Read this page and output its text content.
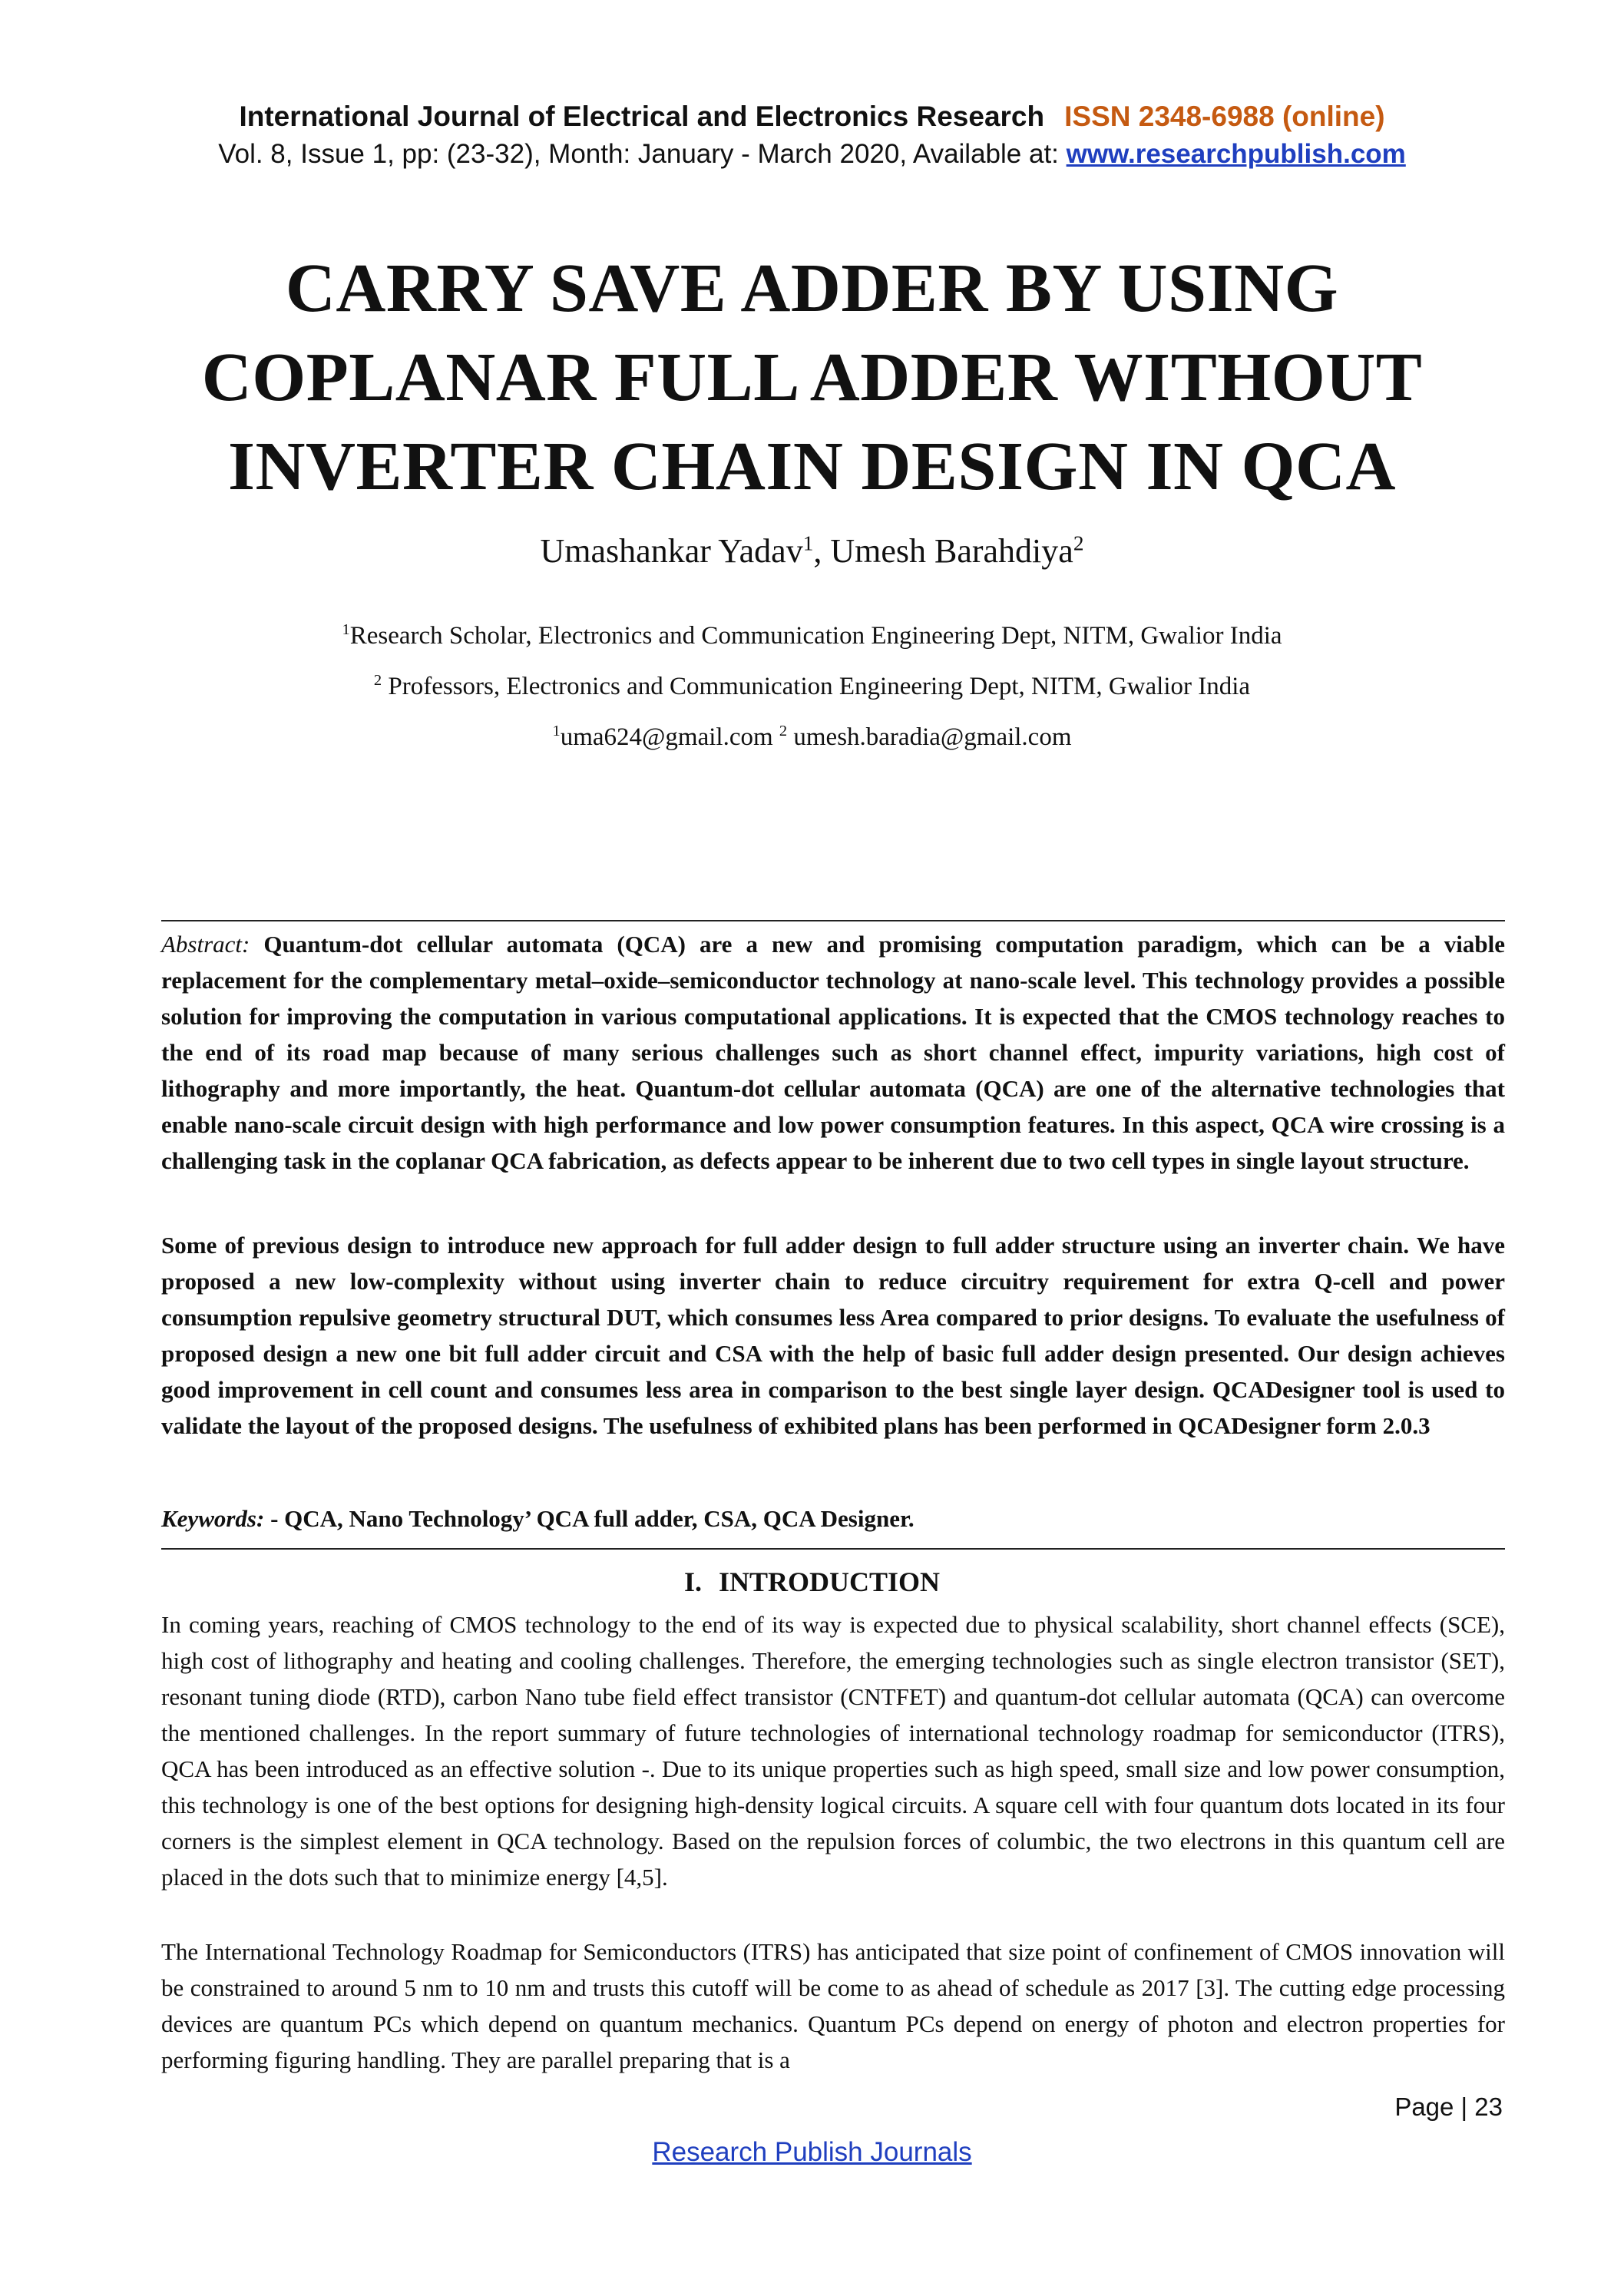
International Journal of Electrical and Electronics Research ISSN 2348-6988 (online)
Vol. 8, Issue 1, pp: (23-32), Month: January - March 2020, Available at: www.researchpublish.com
CARRY SAVE ADDER BY USING
COPLANAR FULL ADDER WITHOUT
INVERTER CHAIN DESIGN IN QCA
Umashankar Yadav$^1$, Umesh Barahdiya$^2$
$^1$Research Scholar, Electronics and Communication Engineering Dept, NITM, Gwalior India
$^2$ Professors, Electronics and Communication Engineering Dept, NITM, Gwalior India
$^1$uma624@gmail.com $^2$ umesh.baradia@gmail.com
Abstract: Quantum-dot cellular automata (QCA) are a new and promising computation paradigm, which can be a viable replacement for the complementary metal–oxide–semiconductor technology at nano-scale level. This technology provides a possible solution for improving the computation in various computational applications. It is expected that the CMOS technology reaches to the end of its road map because of many serious challenges such as short channel effect, impurity variations, high cost of lithography and more importantly, the heat. Quantum-dot cellular automata (QCA) are one of the alternative technologies that enable nano-scale circuit design with high performance and low power consumption features. In this aspect, QCA wire crossing is a challenging task in the coplanar QCA fabrication, as defects appear to be inherent due to two cell types in single layout structure.
Some of previous design to introduce new approach for full adder design to full adder structure using an inverter chain. We have proposed a new low-complexity without using inverter chain to reduce circuitry requirement for extra Q-cell and power consumption repulsive geometry structural DUT, which consumes less Area compared to prior designs. To evaluate the usefulness of proposed design a new one bit full adder circuit and CSA with the help of basic full adder design presented. Our design achieves good improvement in cell count and consumes less area in comparison to the best single layer design. QCADesigner tool is used to validate the layout of the proposed designs. The usefulness of exhibited plans has been performed in QCADesigner form 2.0.3
Keywords: - QCA, Nano Technology’ QCA full adder, CSA, QCA Designer.
I. INTRODUCTION
In coming years, reaching of CMOS technology to the end of its way is expected due to physical scalability, short channel effects (SCE), high cost of lithography and heating and cooling challenges. Therefore, the emerging technologies such as single electron transistor (SET), resonant tuning diode (RTD), carbon Nano tube field effect transistor (CNTFET) and quantum-dot cellular automata (QCA) can overcome the mentioned challenges. In the report summary of future technologies of international technology roadmap for semiconductor (ITRS), QCA has been introduced as an effective solution -. Due to its unique properties such as high speed, small size and low power consumption, this technology is one of the best options for designing high-density logical circuits. A square cell with four quantum dots located in its four corners is the simplest element in QCA technology. Based on the repulsion forces of columbic, the two electrons in this quantum cell are placed in the dots such that to minimize energy [4,5].
The International Technology Roadmap for Semiconductors (ITRS) has anticipated that size point of confinement of CMOS innovation will be constrained to around 5 nm to 10 nm and trusts this cutoff will be come to as ahead of schedule as 2017 [3]. The cutting edge processing devices are quantum PCs which depend on quantum mechanics. Quantum PCs depend on energy of photon and electron properties for performing figuring handling. They are parallel preparing that is a
Page | 23
Research Publish Journals
